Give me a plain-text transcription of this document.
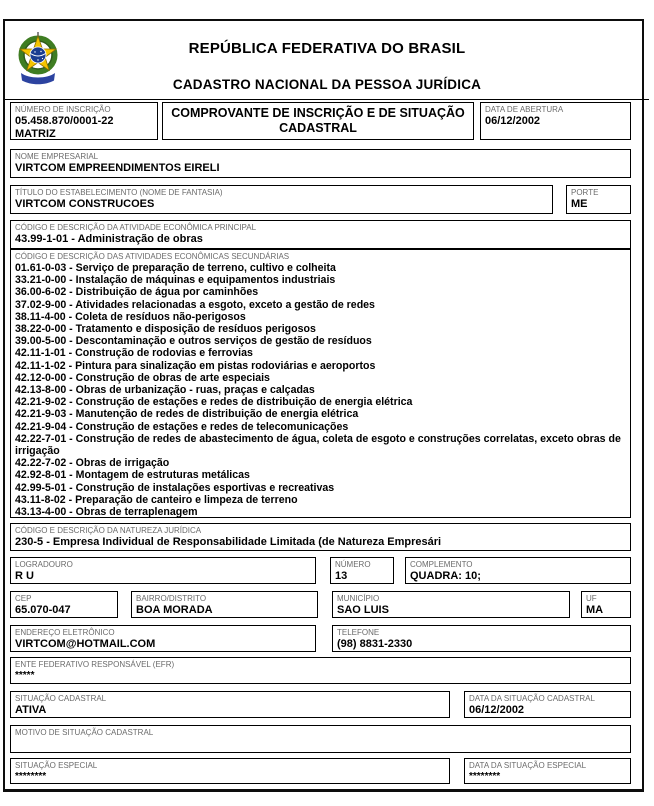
REPÚBLICA FEDERATIVA DO BRASIL
CADASTRO NACIONAL DA PESSOA JURÍDICA
NÚMERO DE INSCRIÇÃO
05.458.870/0001-22
MATRIZ
COMPROVANTE DE INSCRIÇÃO E DE SITUAÇÃO CADASTRAL
DATA DE ABERTURA
06/12/2002
NOME EMPRESARIAL
VIRTCOM EMPREENDIMENTOS EIRELI
TÍTULO DO ESTABELECIMENTO (NOME DE FANTASIA)
VIRTCOM CONSTRUCOES
PORTE
ME
CÓDIGO E DESCRIÇÃO DA ATIVIDADE ECONÔMICA PRINCIPAL
43.99-1-01 - Administração de obras
CÓDIGO E DESCRIÇÃO DAS ATIVIDADES ECONÔMICAS SECUNDÁRIAS
01.61-0-03 - Serviço de preparação de terreno, cultivo e colheita
33.21-0-00 - Instalação de máquinas e equipamentos industriais
36.00-6-02 - Distribuição de água por caminhões
37.02-9-00 - Atividades relacionadas a esgoto, exceto a gestão de redes
38.11-4-00 - Coleta de resíduos não-perigosos
38.22-0-00 - Tratamento e disposição de resíduos perigosos
39.00-5-00 - Descontaminação e outros serviços de gestão de resíduos
42.11-1-01 - Construção de rodovias e ferrovias
42.11-1-02 - Pintura para sinalização em pistas rodoviárias e aeroportos
42.12-0-00 - Construção de obras de arte especiais
42.13-8-00 - Obras de urbanização - ruas, praças e calçadas
42.21-9-02 - Construção de estações e redes de distribuição de energia elétrica
42.21-9-03 - Manutenção de redes de distribuição de energia elétrica
42.21-9-04 - Construção de estações e redes de telecomunicações
42.22-7-01 - Construção de redes de abastecimento de água, coleta de esgoto e construções correlatas, exceto obras de irrigação
42.22-7-02 - Obras de irrigação
42.92-8-01 - Montagem de estruturas metálicas
42.99-5-01 - Construção de instalações esportivas e recreativas
43.11-8-02 - Preparação de canteiro e limpeza de terreno
43.13-4-00 - Obras de terraplenagem
CÓDIGO E DESCRIÇÃO DA NATUREZA JURÍDICA
230-5 - Empresa Individual de Responsabilidade Limitada (de Natureza Empresári
LOGRADOURO
R U
NÚMERO
13
COMPLEMENTO
QUADRA: 10;
CEP
65.070-047
BAIRRO/DISTRITO
BOA MORADA
MUNICÍPIO
SAO LUIS
UF
MA
ENDEREÇO ELETRÔNICO
VIRTCOM@HOTMAIL.COM
TELEFONE
(98) 8831-2330
ENTE FEDERATIVO RESPONSÁVEL (EFR)
*****
SITUAÇÃO CADASTRAL
ATIVA
DATA DA SITUAÇÃO CADASTRAL
06/12/2002
MOTIVO DE SITUAÇÃO CADASTRAL
SITUAÇÃO ESPECIAL
********
DATA DA SITUAÇÃO ESPECIAL
********
